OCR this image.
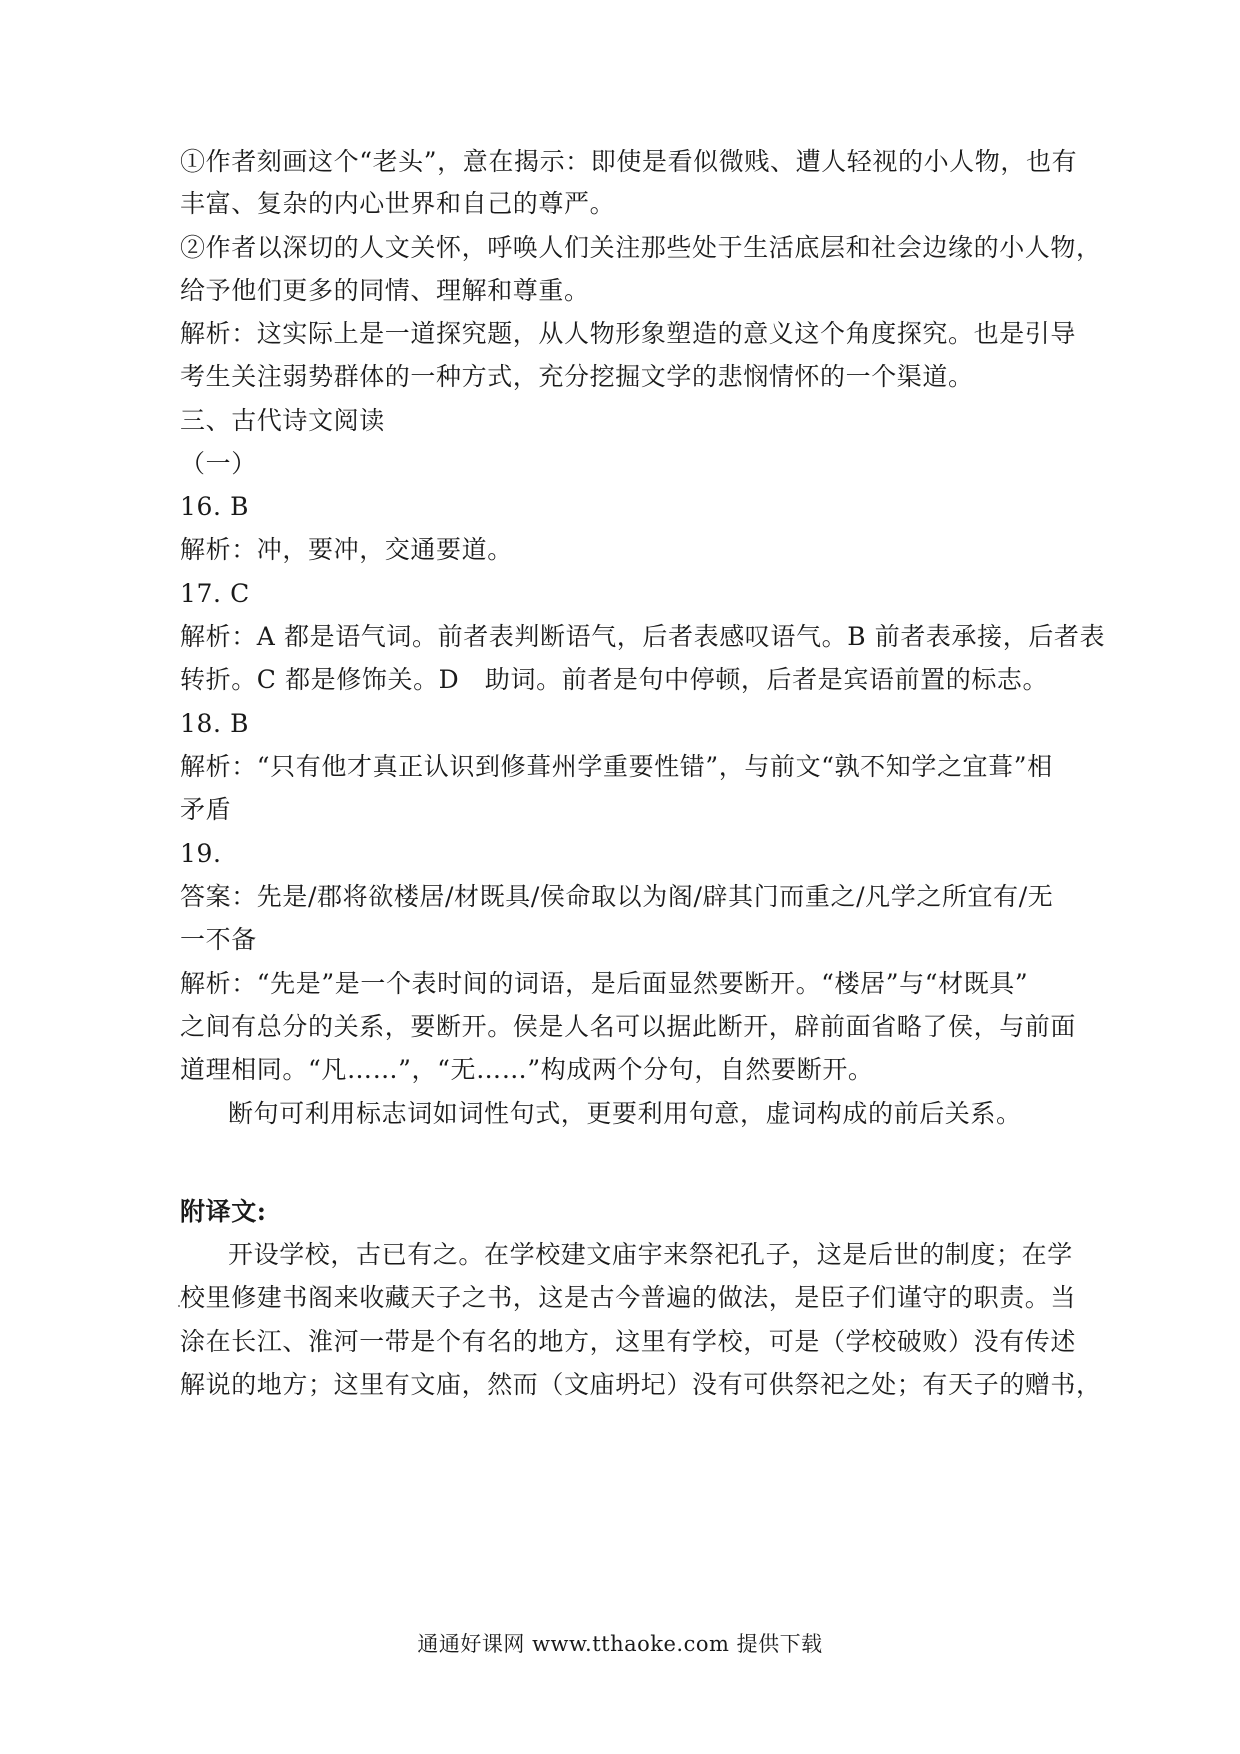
①作者刻画这个“老头”，意在揭示：即使是看似微贱、遭人轻视的小人物，也有
丰富、复杂的内心世界和自己的尊严。
②作者以深切的人文关怀，呼唤人们关注那些处于生活底层和社会边缘的小人物，
给予他们更多的同情、理解和尊重。
解析：这实际上是一道探究题，从人物形象塑造的意义这个角度探究。也是引导
考生关注弱势群体的一种方式，充分挖掘文学的悲悯情怀的一个渠道。
三、古代诗文阅读
（一）
16. B
解析：冲，要冲，交通要道。
17. C
解析：A 都是语气词。前者表判断语气，后者表感叹语气。B 前者表承接，后者表
转折。C 都是修饰关。D　助词。前者是句中停顿，后者是宾语前置的标志。
18. B
解析：“只有他才真正认识到修葺州学重要性错”，与前文“孰不知学之宜葺”相
矛盾
19.
答案：先是/郡将欲楼居/材既具/侯命取以为阁/辟其门而重之/凡学之所宜有/无
一不备
解析：“先是”是一个表时间的词语，是后面显然要断开。“楼居”与“材既具”
之间有总分的关系，要断开。侯是人名可以据此断开，辟前面省略了侯，与前面
道理相同。“凡……”，“无……”构成两个分句，自然要断开。
断句可利用标志词如词性句式，更要利用句意，虚词构成的前后关系。
附译文:
开设学校，古已有之。在学校建文庙宇来祭祀孔子，这是后世的制度；在学
校里修建书阁来收藏天子之书，这是古今普遍的做法，是臣子们谨守的职责。当
涂在长江、淮河一带是个有名的地方，这里有学校，可是（学校破败）没有传述
解说的地方；这里有文庙，然而（文庙坍圮）没有可供祭祀之处；有天子的赠书，
通通好课网 www.tthaoke.com 提供下载
